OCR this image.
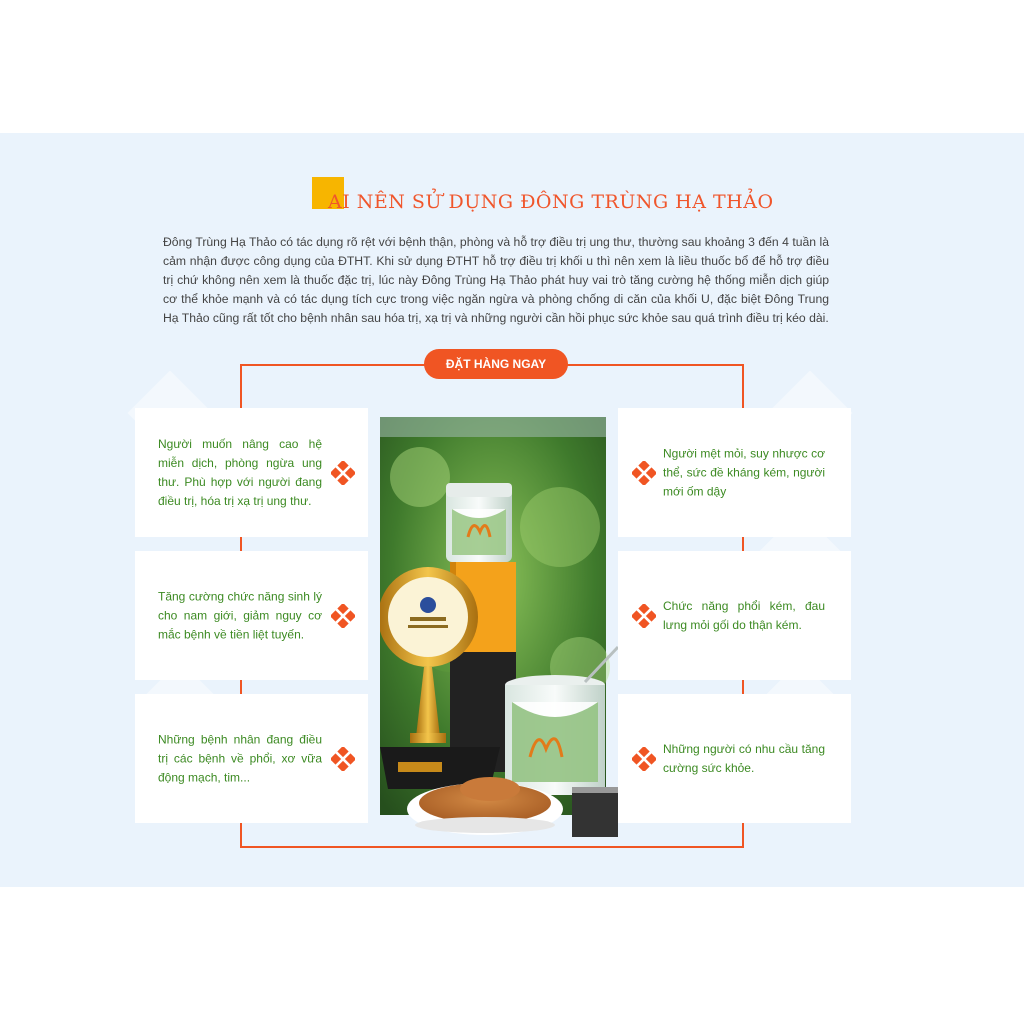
AI NÊN SỬ DỤNG ĐÔNG TRÙNG HẠ THẢO
Đông Trùng Hạ Thảo có tác dụng rõ rệt với bệnh thận, phòng và hỗ trợ điều trị ung thư, thường sau khoảng 3 đến 4 tuần là cảm nhận được công dụng của ĐTHT. Khi sử dụng ĐTHT hỗ trợ điều trị khối u thì nên xem là liều thuốc bổ để hỗ trợ điều trị chứ không nên xem là thuốc đặc trị, lúc này Đông Trùng Hạ Thảo phát huy vai trò tăng cường hệ thống miễn dịch giúp cơ thể khỏe mạnh và có tác dụng tích cực trong việc ngăn ngừa và phòng chống di căn của khối U, đặc biệt Đông Trung Hạ Thảo cũng rất tốt cho bệnh nhân sau hóa trị, xạ trị và những người cần hồi phục sức khỏe sau quá trình điều trị kéo dài.
ĐẶT HÀNG NGAY
Người muốn nâng cao hệ miễn dịch, phòng ngừa ung thư. Phù hợp với người đang điều trị, hóa trị xạ trị ung thư.
Tăng cường chức năng sinh lý cho nam giới, giảm nguy cơ mắc bệnh về tiền liệt tuyến.
Những bệnh nhân đang điều trị các bệnh về phổi, xơ vữa động mạch, tim...
Người mệt mỏi, suy nhược cơ thể, sức đề kháng kém, người mới ốm dậy
Chức năng phổi kém, đau lưng mỏi gối do thận kém.
Những người có nhu cầu tăng cường sức khỏe.
